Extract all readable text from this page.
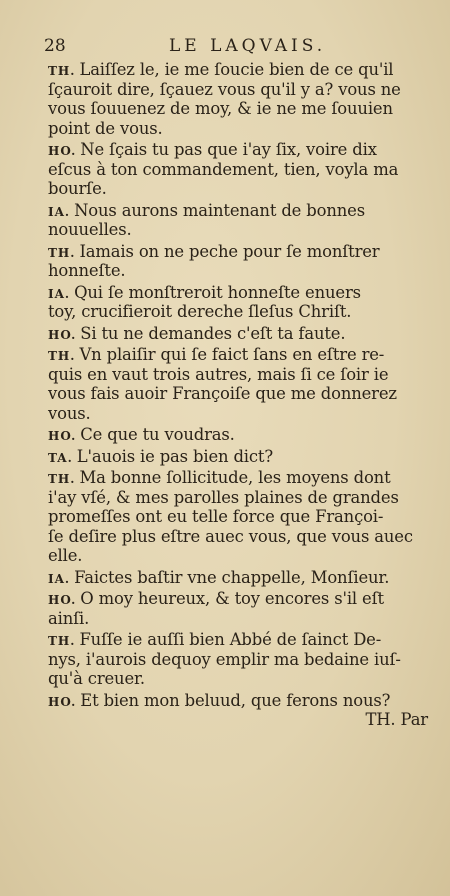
28	LE LAQVAIS.
TH. Laiſſez le, ie me ſoucie bien de ce qu'il
ſçauroit dire, ſçauez vous qu'il y a? vous ne
vous ſouuenez de moy, & ie ne me ſouuien
point de vous.
HO. Ne ſçais tu pas que i'ay ſix, voire dix
eſcus à ton commandement, tien, voyla ma
bourſe.
IA. Nous aurons maintenant de bonnes
nouuelles.
TH. Iamais on ne peche pour ſe monſtrer
honneſte.
IA. Qui ſe monſtreroit honneſte enuers
toy, crucifieroit dereche ſleſus Chriſt.
HO. Si tu ne demandes c'eſt ta faute.
TH. Vn plaiſir qui ſe faict ſans en eſtre re-
quis en vaut trois autres, mais ſi ce ſoir ie
vous fais auoir Françoiſe que me donnerez
vous.
HO. Ce que tu voudras.
TA. L'auois ie pas bien dict?
TH. Ma bonne ſollicitude, les moyens dont
i'ay vſé, & mes parolles plaines de grandes
promeſſes ont eu telle force que Françoi-
ſe deſire plus eſtre auec vous, que vous auec
elle.
IA. Faictes baſtir vne chappelle, Monſieur.
HO. O moy heureux, & toy encores s'il eſt
ainſi.
TH. Fuſſe ie auſſi bien Abbé de ſainct De-
nys, i'aurois dequoy emplir ma bedaine iuſ-
qu'à creuer.
HO. Et bien mon beluud, que ferons nous?
TH. Par
